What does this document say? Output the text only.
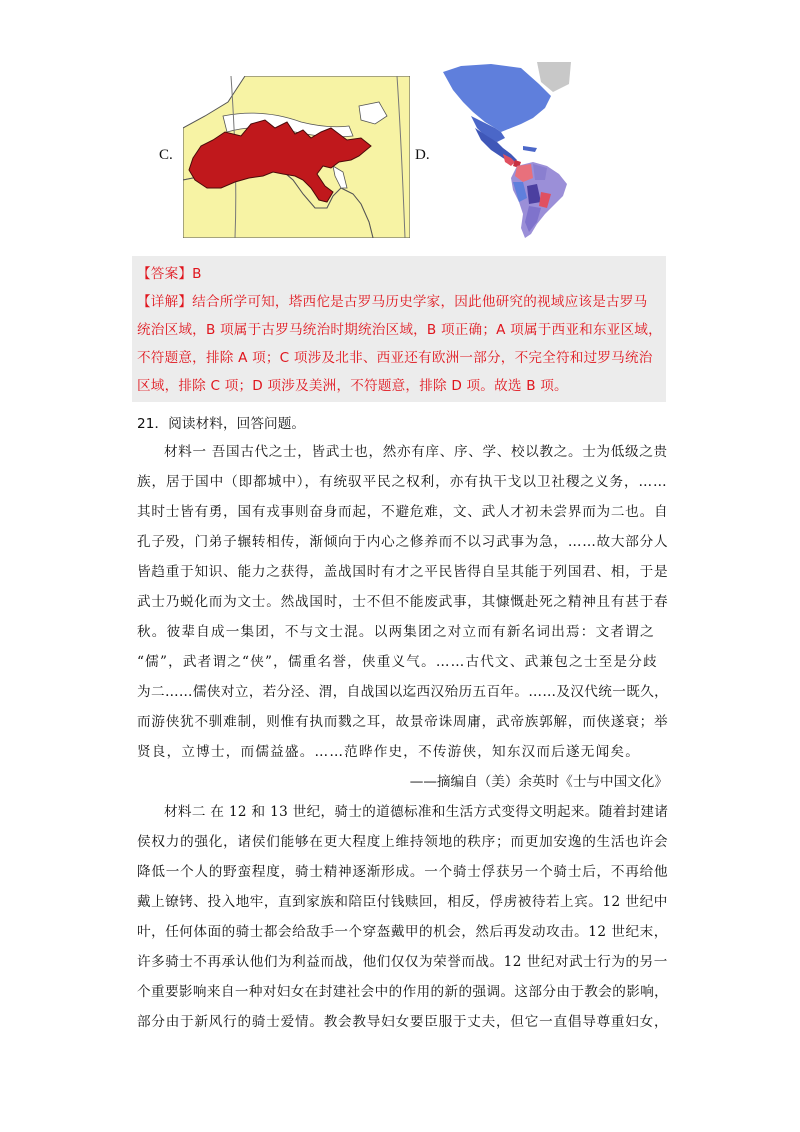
C.	D.
【答案】B
【详解】结合所学可知，塔西佗是古罗马历史学家，因此他研究的视域应该是古罗马
统治区域，B 项属于古罗马统治时期统治区域，B 项正确；A 项属于西亚和东亚区域，
不符题意，排除 A 项；C 项涉及北非、西亚还有欧洲一部分，不完全符和过罗马统治
区域，排除 C 项；D 项涉及美洲，不符题意，排除 D 项。故选 B 项。
21．阅读材料，回答问题。
材料一 吾国古代之士，皆武士也，然亦有庠、序、学、校以教之。士为低级之贵
族，居于国中（即都城中），有统驭平民之权利，亦有执干戈以卫社稷之义务，……
其时士皆有勇，国有戎事则奋身而起，不避危难，文、武人才初未尝界而为二也。自
孔子殁，门弟子辗转相传，渐倾向于内心之修养而不以习武事为急，……故大部分人
皆趋重于知识、能力之获得，盖战国时有才之平民皆得自呈其能于列国君、相，于是
武士乃蜕化而为文士。然战国时，士不但不能废武事，其慷慨赴死之精神且有甚于春
秋。彼辈自成一集团，不与文士混。以两集团之对立而有新名词出焉：文者谓之
“儒”，武者谓之“侠”，儒重名誉，侠重义气。……古代文、武兼包之士至是分歧
为二……儒侠对立，若分泾、渭，自战国以迄西汉殆历五百年。……及汉代统一既久，
而游侠犹不驯难制，则惟有执而戮之耳，故景帝诛周庸，武帝族郭解，而侠遂衰；举
贤良，立博士，而儒益盛。……范晔作史，不传游侠，知东汉而后遂无闻矣。
——摘编自（美）余英时《士与中国文化》
材料二 在 12 和 13 世纪，骑士的道德标准和生活方式变得文明起来。随着封建诸
侯权力的强化，诸侯们能够在更大程度上维持领地的秩序；而更加安逸的生活也许会
降低一个人的野蛮程度，骑士精神逐渐形成。一个骑士俘获另一个骑士后，不再给他
戴上镣铐、投入地牢，直到家族和陪臣付钱赎回，相反，俘虏被待若上宾。12 世纪中
叶，任何体面的骑士都会给敌手一个穿盔戴甲的机会，然后再发动攻击。12 世纪末，
许多骑士不再承认他们为利益而战，他们仅仅为荣誉而战。12 世纪对武士行为的另一
个重要影响来自一种对妇女在封建社会中的作用的新的强调。这部分由于教会的影响，
部分由于新风行的骑士爱情。教会教导妇女要臣服于丈夫，但它一直倡导尊重妇女，
